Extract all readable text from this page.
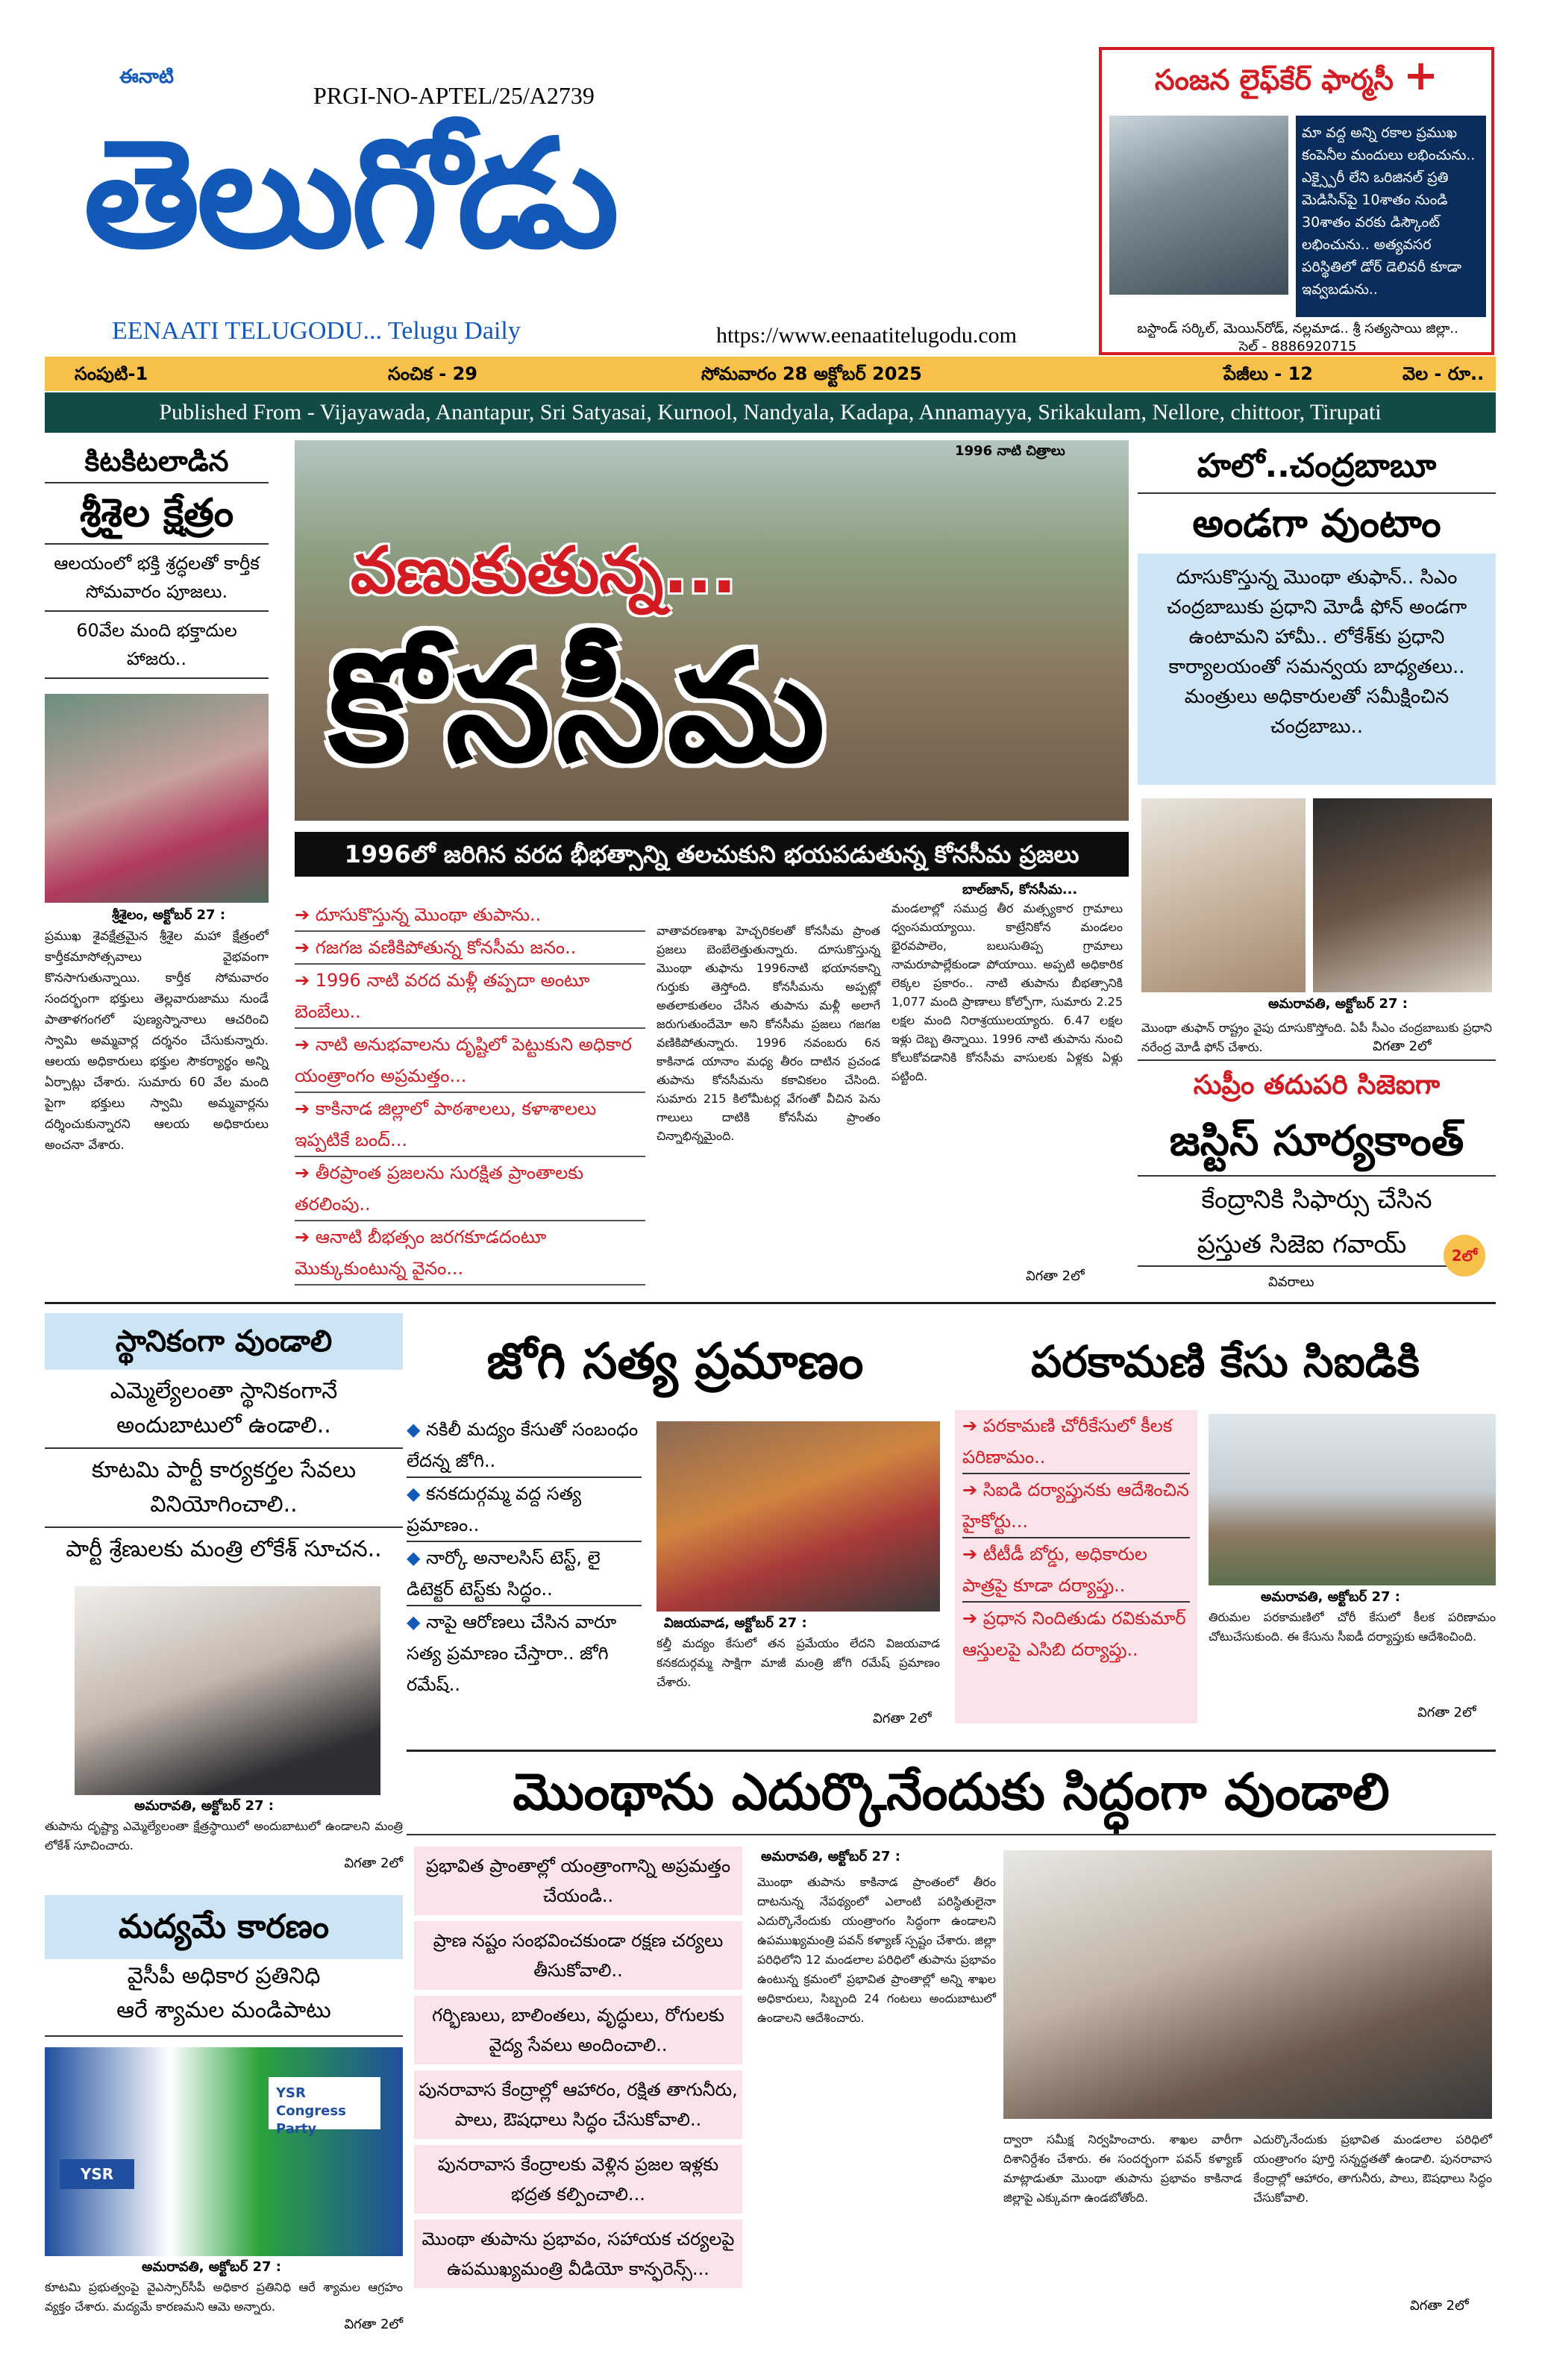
ఈనాటి
PRGI-NO-APTEL/25/A2739
తెలుగోడు
EENAATI TELUGODU... Telugu Daily	https://www.eenaatitelugodu.com
సంజన లైఫ్‌కేర్ ఫార్మసీ +
మా వద్ద అన్ని రకాల ప్రముఖ కంపెనీల మందులు లభించును.. ఎక్స్పైరీ లేని ఒరిజినల్ ప్రతి మెడిసిన్‌పై 10శాతం నుండి 30శాతం వరకు డిస్కౌంట్ లభించును.. అత్యవసర పరిస్థితిలో డోర్ డెలివరీ కూడా ఇవ్వబడును..
బస్టాండ్ సర్కిల్, మెయిన్‌రోడ్, నల్లమాడ.. శ్రీ సత్యసాయి జిల్లా..
సెల్ - 8886920715
సంపుటి-1	సంచిక - 29	సోమవారం 28 అక్టోబర్ 2025	పేజీలు - 12	వెల - రూ..
Published From - Vijayawada, Anantapur, Sri Satyasai, Kurnool, Nandyala, Kadapa, Annamayya, Srikakulam, Nellore, chittoor, Tirupati
కిటకిటలాడిన
శ్రీశైల క్షేత్రం
ఆలయంలో భక్తి శ్రద్ధలతో కార్తీక సోమవారం పూజలు.
60వేల మంది భక్తాదుల హాజరు..
శ్రీశైలం, అక్టోబర్ 27 :
ప్రముఖ శైవక్షేత్రమైన శ్రీశైల మహా క్షేత్రంలో కార్తీకమాసోత్సవాలు వైభవంగా కొనసాగుతున్నాయి. కార్తీక సోమవారం సందర్భంగా భక్తులు తెల్లవారుజాము నుండే పాతాళగంగలో పుణ్యస్నానాలు ఆచరించి స్వామి అమ్మవార్ల దర్శనం చేసుకున్నారు. ఆలయ అధికారులు భక్తుల సౌకర్యార్థం అన్ని ఏర్పాట్లు చేశారు. సుమారు 60 వేల మంది పైగా భక్తులు స్వామి అమ్మవార్లను దర్శించుకున్నారని ఆలయ అధికారులు అంచనా వేశారు.
1996 నాటి చిత్రాలు
వణుకుతున్న...
కోనసీమ
1996లో జరిగిన వరద భీభత్సాన్ని తలచుకుని భయపడుతున్న కోనసీమ ప్రజలు
బాల్‌జాన్, కోనసీమ...
➔ దూసుకొస్తున్న మొంథా తుపాను..
➔ గజగజ వణికిపోతున్న కోనసీమ జనం..
➔ 1996 నాటి వరద మళ్లీ తప్పదా అంటూ బెంబేలు..
➔ నాటి అనుభవాలను దృష్టిలో పెట్టుకుని అధికార యంత్రాంగం అప్రమత్తం...
➔ కాకినాడ జిల్లాలో పాఠశాలలు, కళాశాలలు ఇప్పటికే బంద్...
➔ తీరప్రాంత ప్రజలను సురక్షిత ప్రాంతాలకు తరలింపు..
➔ ఆనాటి బీభత్సం జరగకూడదంటూ మొక్కుకుంటున్న వైనం...
వాతావరణశాఖ హెచ్చరికలతో కోనసీమ ప్రాంత ప్రజలు బెంబేలెత్తుతున్నారు. దూసుకొస్తున్న మొంథా తుఫాను 1996నాటి భయానకాన్ని గుర్తుకు తెస్తోంది. కోనసీమను అప్పట్లో అతలాకుతలం చేసిన తుపాను మళ్లీ అలాగే జరుగుతుందేమో అని కోనసీమ ప్రజలు గజగజ వణికిపోతున్నారు. 1996 నవంబరు 6న కాకినాడ యానాం మధ్య తీరం దాటిన ప్రచండ తుపాను కోనసీమను కకావికలం చేసింది. సుమారు 215 కిలోమీటర్ల వేగంతో వీచిన పెను గాలులు దాటికి కోనసీమ ప్రాంతం చిన్నాభిన్నమైంది.
మండలాల్లో సముద్ర తీర మత్స్యకార గ్రామాలు ధ్వంసమయ్యాయి. కాట్రేనికోన మండలం భైరవపాలెం, బలుసుతిప్ప గ్రామాలు నామరూపాల్లేకుండా పోయాయి. అప్పటి అధికారిక లెక్కల ప్రకారం.. నాటి తుపాను బీభత్సానికి 1,077 మంది ప్రాణాలు కోల్పోగా, సుమారు 2.25 లక్షల మంది నిరాశ్రయులయ్యారు. 6.47 లక్షల ఇళ్లు దెబ్బ తిన్నాయి. 1996 నాటి తుపాను నుంచి కోలుకోవడానికి కోనసీమ వాసులకు ఏళ్లకు ఏళ్లు పట్టింది.
విగతా 2లో
హలో..చంద్రబాబూ
అండగా వుంటాం
దూసుకొస్తున్న మొంథా తుఫాన్.. సిఎం చంద్రబాబుకు ప్రధాని మోడీ ఫోన్ అండగా ఉంటామని హామీ.. లోకేశ్‌కు ప్రధాని కార్యాలయంతో సమన్వయ బాధ్యతలు.. మంత్రులు అధికారులతో సమీక్షించిన చంద్రబాబు..
అమరావతి, అక్టోబర్ 27 :
మొంథా తుఫాన్ రాష్ట్రం వైపు దూసుకొస్తోంది. ఏపీ సీఎం చంద్రబాబుకు ప్రధాని నరేంద్ర మోడీ ఫోన్ చేశారు.	విగతా 2లో
సుప్రీం తదుపరి సిజెఐగా
జస్టిస్ సూర్యకాంత్
కేంద్రానికి సిఫార్సు చేసిన
ప్రస్తుత సిజెఐ గవాయ్	2లో
వివరాలు
స్థానికంగా వుండాలి
ఎమ్మెల్యేలంతా స్థానికంగానే అందుబాటులో ఉండాలి..
కూటమి పార్టీ కార్యకర్తల సేవలు వినియోగించాలి..
పార్టీ శ్రేణులకు మంత్రి లోకేశ్ సూచన..
అమరావతి, అక్టోబర్ 27 :
తుపాను దృష్ట్యా ఎమ్మెల్యేలంతా క్షేత్రస్థాయిలో అందుబాటులో ఉండాలని మంత్రి లోకేశ్ సూచించారు.
విగతా 2లో
జోగి సత్య ప్రమాణం
◆ నకిలీ మద్యం కేసుతో సంబంధం లేదన్న జోగి..
◆ కనకదుర్గమ్మ వద్ద సత్య ప్రమాణం..
◆ నార్కో అనాలసిస్ టెస్ట్, లై డిటెక్టర్ టెస్ట్‌కు సిద్ధం..
◆ నాపై ఆరోణలు చేసిన వారూ సత్య ప్రమాణం చేస్తారా.. జోగి రమేష్..
విజయవాడ, అక్టోబర్ 27 :
కల్తీ మద్యం కేసులో తన ప్రమేయం లేదని విజయవాడ కనకదుర్గమ్మ సాక్షిగా మాజీ మంత్రి జోగి రమేష్ ప్రమాణం చేశారు.
విగతా 2లో
పరకామణి కేసు సిఐడికి
➔ పరకామణి చోరీకేసులో కీలక పరిణామం..
➔ సిఐడి దర్యాప్తునకు ఆదేశించిన హైకోర్టు...
➔ టీటీడీ బోర్డు, అధికారుల పాత్రపై కూడా దర్యాప్తు..
➔ ప్రధాన నిందితుడు రవికుమార్ ఆస్తులపై ఎసిబి దర్యాప్తు..
అమరావతి, అక్టోబర్ 27 :
తిరుమల పరకామణిలో చోరీ కేసులో కీలక పరిణామం చోటుచేసుకుంది. ఈ కేసును సీఐడీ దర్యాప్తుకు ఆదేశించింది.
విగతా 2లో
మొంథాను ఎదుర్కొనేందుకు సిద్ధంగా వుండాలి
ప్రభావిత ప్రాంతాల్లో యంత్రాంగాన్ని అప్రమత్తం చేయండి..
ప్రాణ నష్టం సంభవించకుండా రక్షణ చర్యలు తీసుకోవాలి..
గర్భిణులు, బాలింతలు, వృద్ధులు, రోగులకు వైద్య సేవలు అందించాలి..
పునరావాస కేంద్రాల్లో ఆహారం, రక్షిత తాగునీరు, పాలు, ఔషధాలు సిద్ధం చేసుకోవాలి..
పునరావాస కేంద్రాలకు వెళ్లిన ప్రజల ఇళ్లకు భద్రత కల్పించాలి...
మొంథా తుపాను ప్రభావం, సహాయక చర్యలపై ఉపముఖ్యమంత్రి వీడియో కాన్ఫరెన్స్...
అమరావతి, అక్టోబర్ 27 :
మొంథా తుపాను కాకినాడ ప్రాంతంలో తీరం దాటనున్న నేపథ్యంలో ఎలాంటి పరిస్థితులైనా ఎదుర్కొనేందుకు యంత్రాంగం సిద్ధంగా ఉండాలని ఉపముఖ్యమంత్రి పవన్ కళ్యాణ్ స్పష్టం చేశారు. జిల్లా పరిధిలోని 12 మండలాల పరిధిలో తుపాను ప్రభావం ఉంటున్న క్రమంలో ప్రభావిత ప్రాంతాల్లో అన్ని శాఖల అధికారులు, సిబ్బంది 24 గంటలు అందుబాటులో ఉండాలని ఆదేశించారు.
ద్వారా సమీక్ష నిర్వహించారు. శాఖల వారీగా దిశానిర్దేశం చేశారు. ఈ సందర్భంగా పవన్ కళ్యాణ్ మాట్లాడుతూ మొంథా తుపాను ప్రభావం కాకినాడ జిల్లాపై ఎక్కువగా ఉండబోతోంది.
ఎదుర్కొనేందుకు ప్రభావిత మండలాల పరిధిలో యంత్రాంగం పూర్తి సన్నద్ధతతో ఉండాలి. పునరావాస కేంద్రాల్లో ఆహారం, తాగునీరు, పాలు, ఔషధాలు సిద్ధం చేసుకోవాలి.
విగతా 2లో
మద్యమే కారణం
వైసీపీ అధికార ప్రతినిధి
ఆరే శ్యామల మండిపాటు
YSR Congress Party
YSR
అమరావతి, అక్టోబర్ 27 :
కూటమి ప్రభుత్వంపై వైఎస్సార్‌సీపీ అధికార ప్రతినిధి ఆరే శ్యామల ఆగ్రహం వ్యక్తం చేశారు. మద్యమే కారణమని ఆమె అన్నారు.
విగతా 2లో
